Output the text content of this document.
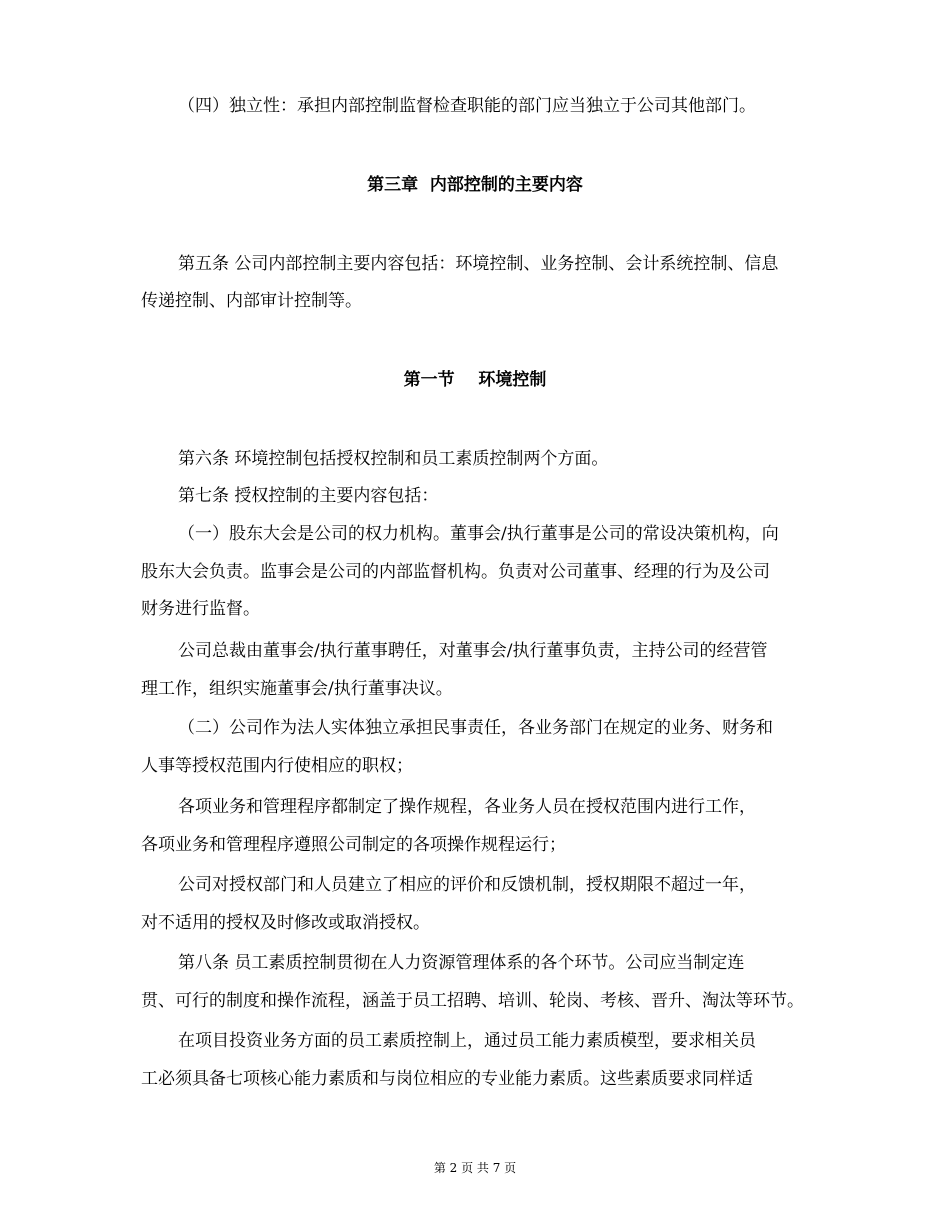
（四）独立性：承担内部控制监督检查职能的部门应当独立于公司其他部门。
第三章  内部控制的主要内容
第五条 公司内部控制主要内容包括：环境控制、业务控制、会计系统控制、信息
传递控制、内部审计控制等。
第一节    环境控制
第六条 环境控制包括授权控制和员工素质控制两个方面。
第七条 授权控制的主要内容包括：
（一）股东大会是公司的权力机构。董事会/执行董事是公司的常设决策机构，向
股东大会负责。监事会是公司的内部监督机构。负责对公司董事、经理的行为及公司
财务进行监督。
公司总裁由董事会/执行董事聘任，对董事会/执行董事负责，主持公司的经营管
理工作，组织实施董事会/执行董事决议。
（二）公司作为法人实体独立承担民事责任，各业务部门在规定的业务、财务和
人事等授权范围内行使相应的职权；
各项业务和管理程序都制定了操作规程，各业务人员在授权范围内进行工作，
各项业务和管理程序遵照公司制定的各项操作规程运行；
公司对授权部门和人员建立了相应的评价和反馈机制，授权期限不超过一年，
对不适用的授权及时修改或取消授权。
第八条 员工素质控制贯彻在人力资源管理体系的各个环节。公司应当制定连
贯、可行的制度和操作流程，涵盖于员工招聘、培训、轮岗、考核、晋升、淘汰等环节。
在项目投资业务方面的员工素质控制上，通过员工能力素质模型，要求相关员
工必须具备七项核心能力素质和与岗位相应的专业能力素质。这些素质要求同样适
第 2 页 共 7 页
